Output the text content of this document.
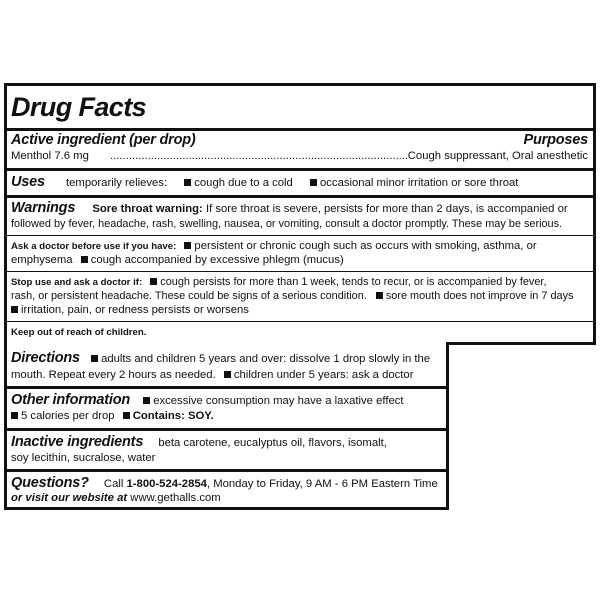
Drug Facts
Active ingredient (per drop)	Purposes
Menthol 7.6 mg ............................................................................................... Cough suppressant, Oral anesthetic
Uses temporarily relieves: cough due to a cold occasional minor irritation or sore throat
Warnings Sore throat warning: If sore throat is severe, persists for more than 2 days, is accompanied or
followed by fever, headache, rash, swelling, nausea, or vomiting, consult a doctor promptly. These may be serious.
Ask a doctor before use if you have: persistent or chronic cough such as occurs with smoking, asthma, or
emphysema cough accompanied by excessive phlegm (mucus)
Stop use and ask a doctor if: cough persists for more than 1 week, tends to recur, or is accompanied by fever,
rash, or persistent headache. These could be signs of a serious condition. sore mouth does not improve in 7 days
irritation, pain, or redness persists or worsens
Keep out of reach of children.
Directions adults and children 5 years and over: dissolve 1 drop slowly in the
mouth. Repeat every 2 hours as needed. children under 5 years: ask a doctor
Other information excessive consumption may have a laxative effect
5 calories per drop Contains: SOY.
Inactive ingredients beta carotene, eucalyptus oil, flavors, isomalt,
soy lecithin, sucralose, water
Questions? Call 1-800-524-2854, Monday to Friday, 9 AM - 6 PM Eastern Time
or visit our website at www.gethalls.com
